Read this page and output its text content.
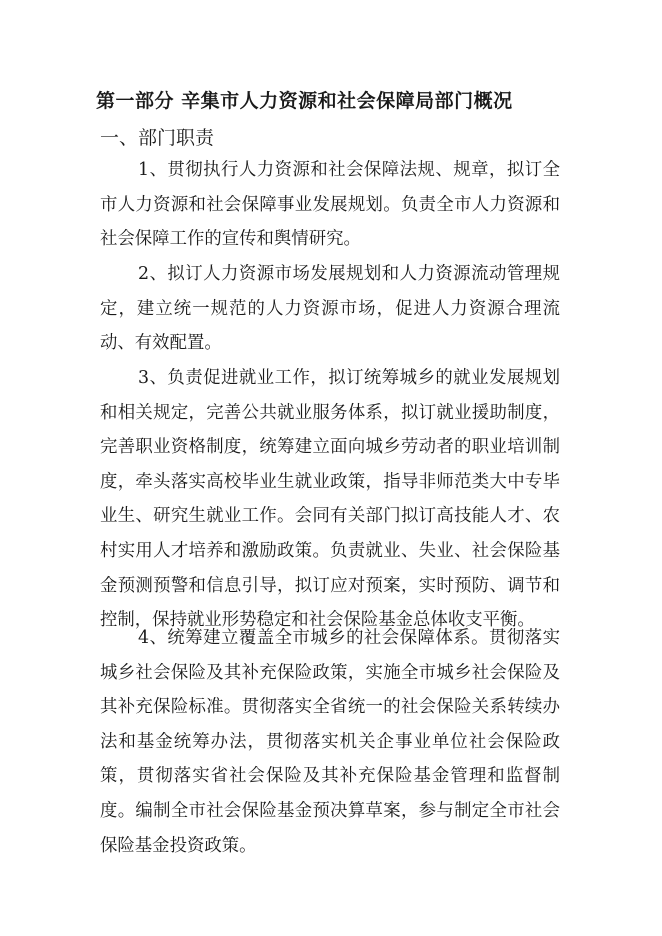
第一部分 辛集市人力资源和社会保障局部门概况
一、部门职责

1、贯彻执行人力资源和社会保障法规、规章，拟订全市人力资源和社会保障事业发展规划。负责全市人力资源和社会保障工作的宣传和舆情研究。

2、拟订人力资源市场发展规划和人力资源流动管理规定，建立统一规范的人力资源市场，促进人力资源合理流动、有效配置。

3、负责促进就业工作，拟订统筹城乡的就业发展规划和相关规定，完善公共就业服务体系，拟订就业援助制度，完善职业资格制度，统筹建立面向城乡劳动者的职业培训制度，牵头落实高校毕业生就业政策，指导非师范类大中专毕业生、研究生就业工作。会同有关部门拟订高技能人才、农村实用人才培养和激励政策。负责就业、失业、社会保险基金预测预警和信息引导，拟订应对预案，实时预防、调节和控制，保持就业形势稳定和社会保险基金总体收支平衡。

4、统筹建立覆盖全市城乡的社会保障体系。贯彻落实城乡社会保险及其补充保险政策，实施全市城乡社会保险及其补充保险标准。贯彻落实全省统一的社会保险关系转续办法和基金统筹办法，贯彻落实机关企事业单位社会保险政策，贯彻落实省社会保险及其补充保险基金管理和监督制度。编制全市社会保险基金预决算草案，参与制定全市社会保险基金投资政策。
